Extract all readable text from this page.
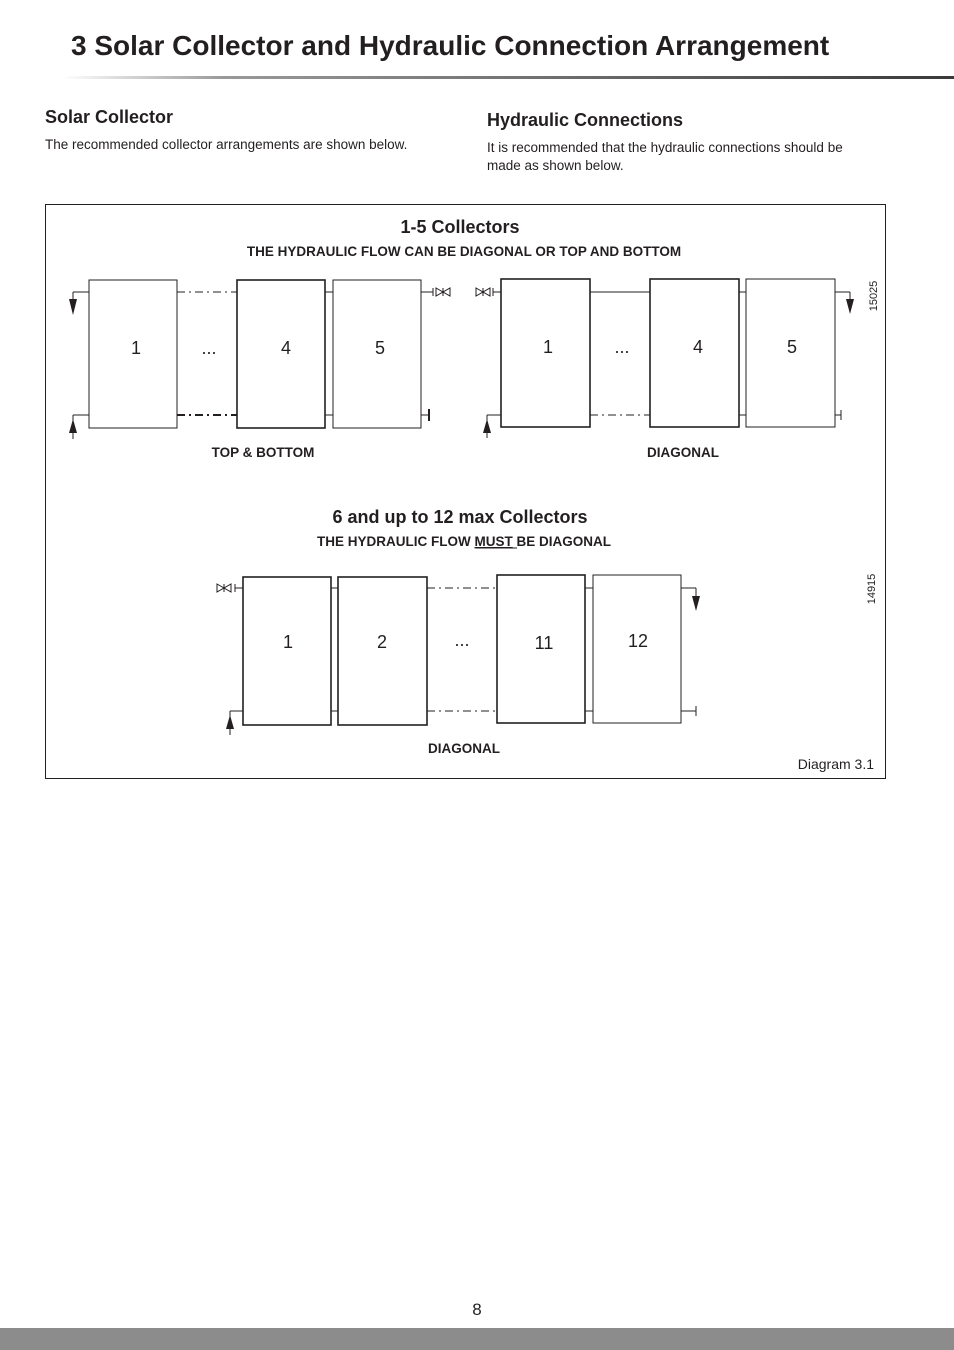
3 Solar Collector and Hydraulic Connection Arrangement
Solar Collector

The recommended collector arrangements are shown below.

Hydraulic Connections

It is recommended that the hydraulic connections should be

made as shown below.

1-5 Collectors
THE HYDRAULIC FLOW CAN BE DIAGONAL OR TOP AND BOTTOM
1	...	4	5
TOP & BOTTOM
1	...	4	5
DIAGONAL
15025
6 and up to 12 max Collectors
THE HYDRAULIC FLOW MUST BE DIAGONAL
1	2	...	11	12
DIAGONAL
14915
Diagram 3.1
8
